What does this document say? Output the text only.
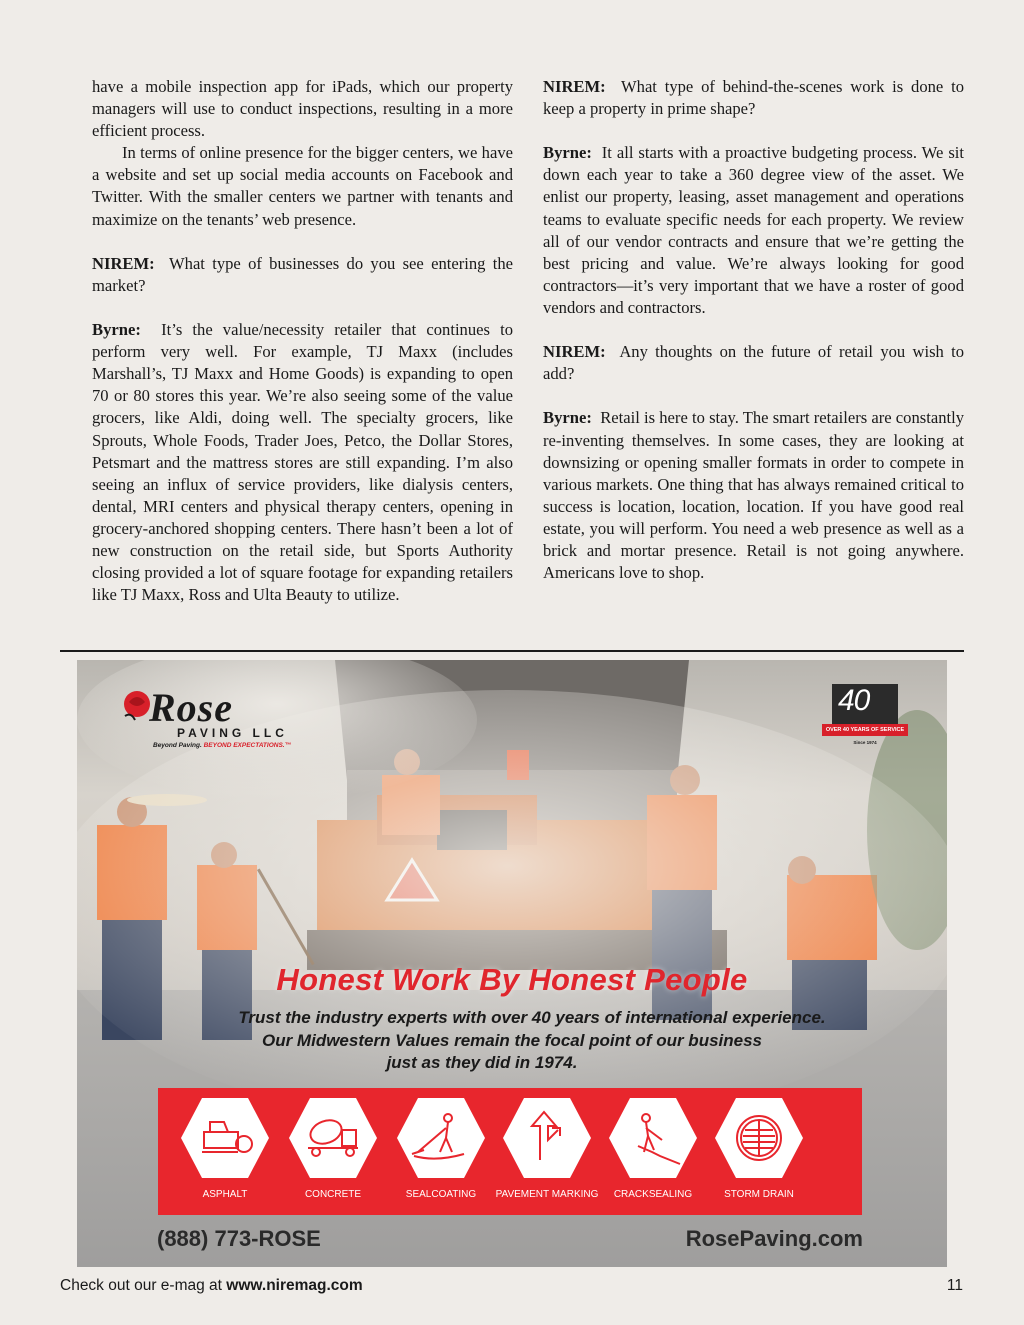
have a mobile inspection app for iPads, which our property managers will use to conduct inspections, resulting in a more efficient process.

In terms of online presence for the bigger centers, we have a website and set up social media accounts on Facebook and Twitter. With the smaller centers we partner with tenants and maximize on the tenants’ web presence.

NIREM: What type of businesses do you see entering the market?

Byrne: It’s the value/necessity retailer that continues to perform very well. For example, TJ Maxx (includes Marshall’s, TJ Maxx and Home Goods) is expanding to open 70 or 80 stores this year. We’re also seeing some of the value grocers, like Aldi, doing well. The specialty grocers, like Sprouts, Whole Foods, Trader Joes, Petco, the Dollar Stores, Petsmart and the mattress stores are still expanding. I’m also seeing an influx of service providers, like dialysis centers, dental, MRI centers and physical therapy centers, opening in grocery-anchored shopping centers. There hasn’t been a lot of new construction on the retail side, but Sports Authority closing provided a lot of square footage for expanding retailers like TJ Maxx, Ross and Ulta Beauty to utilize.

NIREM: What type of behind-the-scenes work is done to keep a property in prime shape?

Byrne: It all starts with a proactive budgeting process. We sit down each year to take a 360 degree view of the asset. We enlist our property, leasing, asset management and operations teams to evaluate specific needs for each property. We review all of our vendor contracts and ensure that we’re getting the best pricing and value. We’re always looking for good contractors—it’s very important that we have a roster of good vendors and contractors.

NIREM: Any thoughts on the future of retail you wish to add?

Byrne: Retail is here to stay. The smart retailers are constantly re-inventing themselves. In some cases, they are looking at downsizing or opening smaller formats in order to compete in various markets. One thing that has always remained critical to success is location, location, location. If you have good real estate, you will perform. You need a web presence as well as a brick and mortar presence. Retail is not going anywhere. Americans love to shop.

Rose
PAVING LLC
Beyond Paving. BEYOND EXPECTATIONS.™
40
OVER 40 YEARS OF SERVICE
Since 1974
Honest Work By Honest People
Trust the industry experts with over 40 years of international experience.
Our Midwestern Values remain the focal point of our business
just as they did in 1974.
ASPHALT	CONCRETE	SEALCOATING	PAVEMENT MARKING	CRACKSEALING	STORM DRAIN
(888) 773-ROSE	RosePaving.com
Check out our e-mag at www.niremag.com	11
